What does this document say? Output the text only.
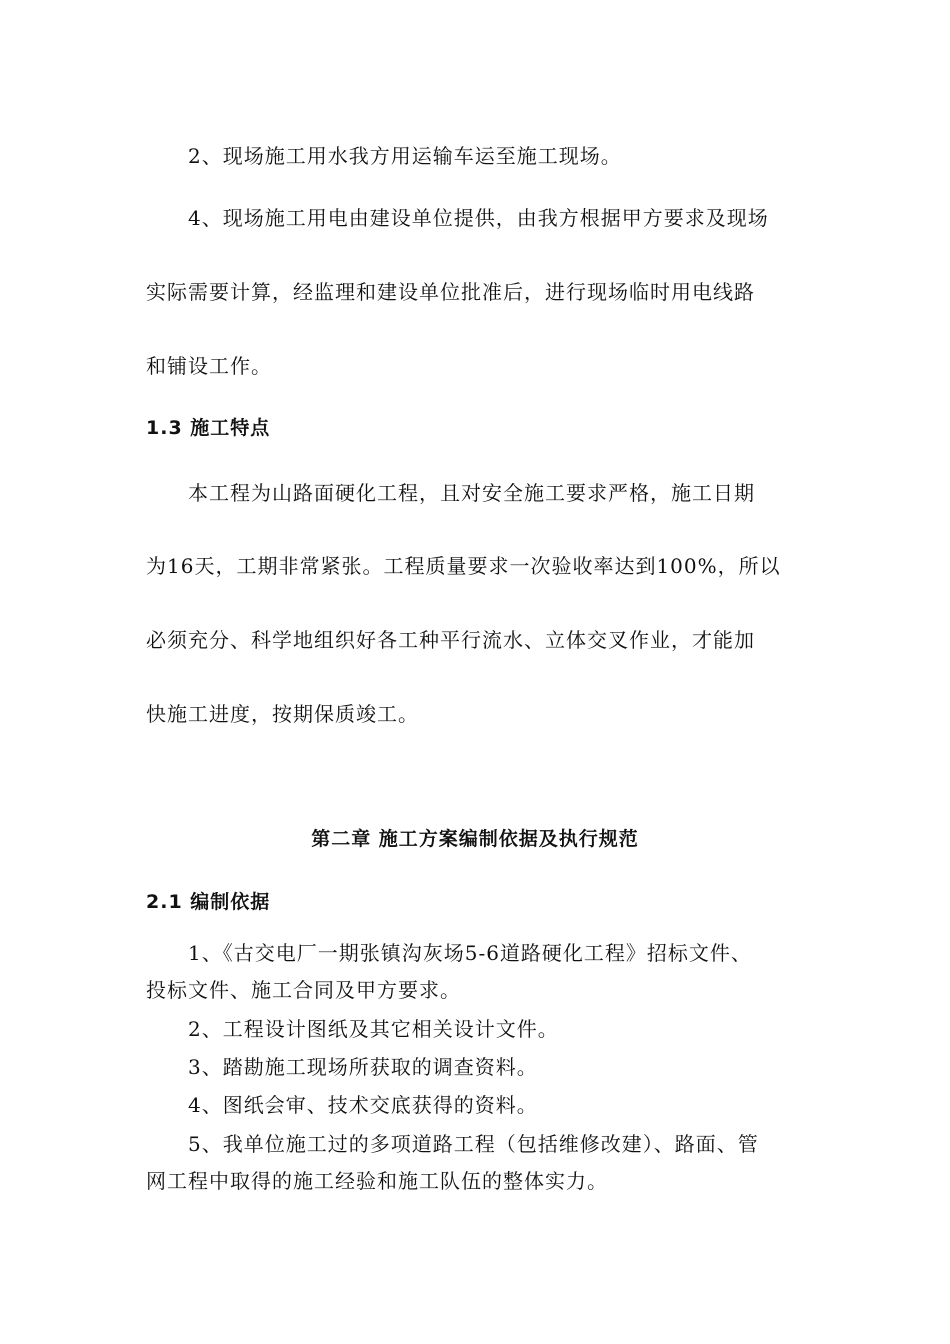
2、现场施工用水我方用运输车运至施工现场。
4、现场施工用电由建设单位提供，由我方根据甲方要求及现场
实际需要计算，经监理和建设单位批准后，进行现场临时用电线路
和铺设工作。
1.3 施工特点
本工程为山路面硬化工程，且对安全施工要求严格，施工日期
为16天，工期非常紧张。工程质量要求一次验收率达到100%，所以
必须充分、科学地组织好各工种平行流水、立体交叉作业，才能加
快施工进度，按期保质竣工。
第二章 施工方案编制依据及执行规范
2.1 编制依据
1、《古交电厂一期张镇沟灰场5-6道路硬化工程》招标文件、
投标文件、施工合同及甲方要求。
2、工程设计图纸及其它相关设计文件。
3、踏勘施工现场所获取的调查资料。
4、图纸会审、技术交底获得的资料。
5、我单位施工过的多项道路工程（包括维修改建）、路面、管
网工程中取得的施工经验和施工队伍的整体实力。
